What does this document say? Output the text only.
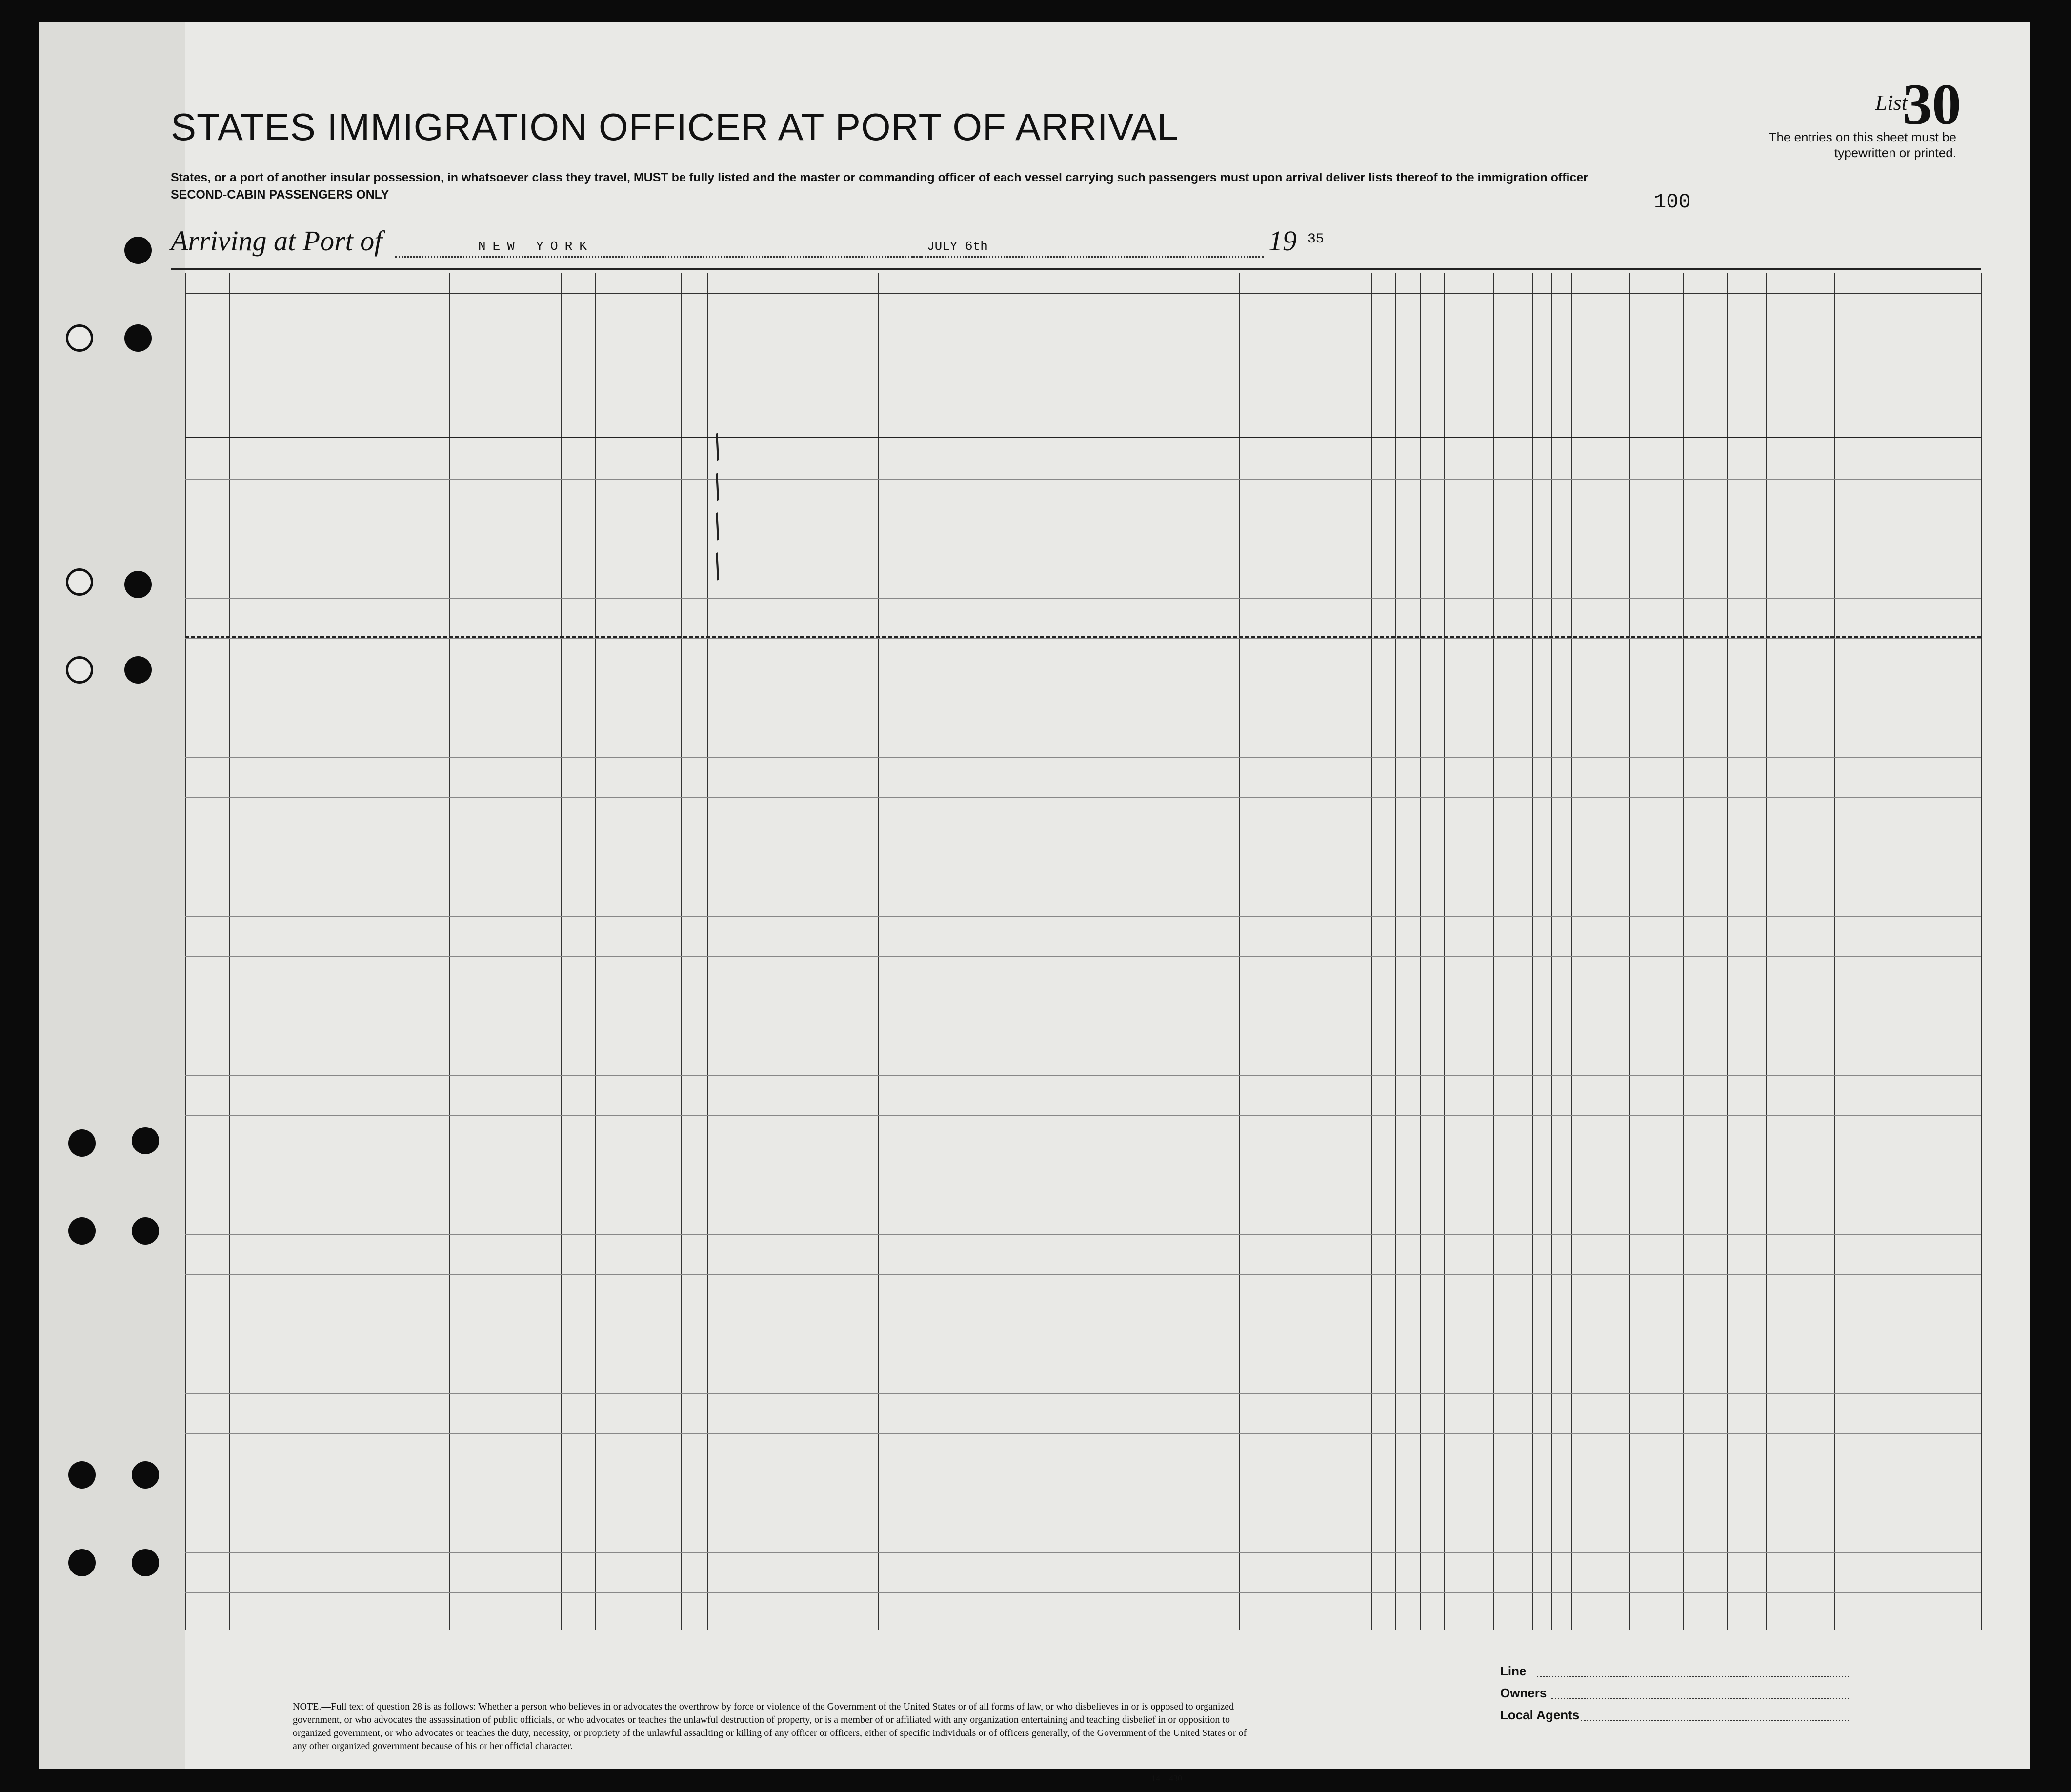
STATES IMMIGRATION OFFICER AT PORT OF ARRIVAL
List
30
The entries on this sheet must be typewritten or printed.
States, or a port of another insular possession, in whatsoever class they travel, MUST be fully listed and the master or commanding officer of each vessel carrying such passengers must upon arrival deliver lists thereof to the immigration officer
SECOND-CABIN PASSENGERS ONLY	100
Arriving at Port of	NEW YORK	JULY 6th	19 35
/
/
/
/
NOTE.—Full text of question 28 is as follows: Whether a person who believes in or advocates the overthrow by force or violence of the Government of the United States or of all forms of law, or who disbelieves in or is opposed to organized government, or who advocates the assassination of public officials, or who advocates or teaches the unlawful destruction of property, or is a member of or affiliated with any organization entertaining and teaching disbelief in or opposition to organized government, or who advocates or teaches the duty, necessity, or propriety of the unlawful assaulting or killing of any officer or officers, either of specific individuals or of officers generally, of the Government of the United States or of any other organized government because of his or her official character.
14—430
Line
Owners
Local Agents
